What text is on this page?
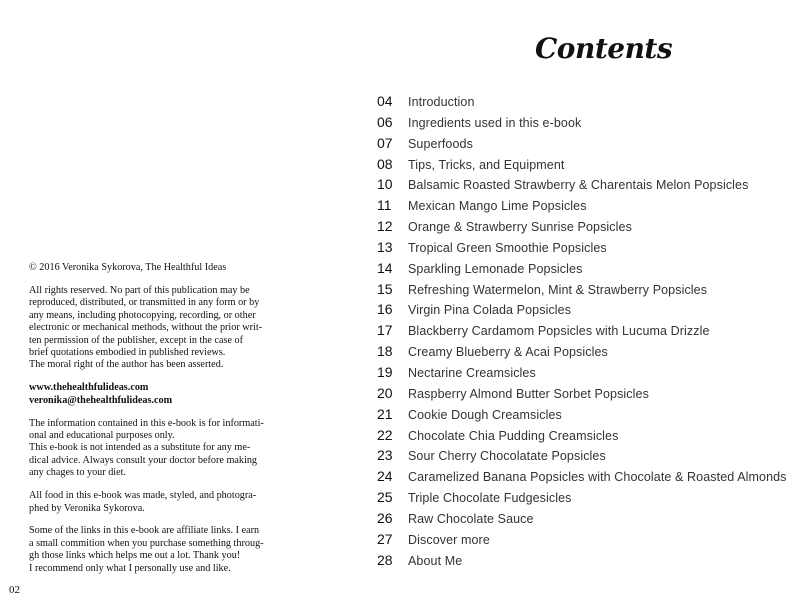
© 2016 Veronika Sykorova, The Healthful Ideas

All rights reserved. No part of this publication may be
reproduced, distributed, or transmitted in any form or by
any means, including photocopying, recording, or other
electronic or mechanical methods, without the prior writ-
ten permission of the publisher, except in the case of
brief quotations embodied in published reviews.
The moral right of the author has been asserted.

www.thehealthfulideas.com
veronika@thehealthfulideas.com

The information contained in this e-book is for informati-
onal and educational purposes only.
This e-book is not intended as a substitute for any me-
dical advice. Always consult your doctor before making
any chages to your diet.

All food in this e-book was made, styled, and photogra-
phed by Veronika Sykorova.

Some of the links in this e-book are affiliate links. I earn
a small commition when you purchase something throug-
gh those links which helps me out a lot. Thank you!
I recommend only what I personally use and like.

02
Contents
04	Introduction
06	Ingredients used in this e-book
07	Superfoods
08	Tips, Tricks, and Equipment
10	Balsamic Roasted Strawberry & Charentais Melon Popsicles
11	Mexican Mango Lime Popsicles
12	Orange & Strawberry Sunrise Popsicles
13	Tropical Green Smoothie Popsicles
14	Sparkling Lemonade Popsicles
15	Refreshing Watermelon, Mint & Strawberry Popsicles
16	Virgin Pina Colada Popsicles
17	Blackberry Cardamom Popsicles with Lucuma Drizzle
18	Creamy Blueberry & Acai Popsicles
19	Nectarine Creamsicles
20	Raspberry Almond Butter Sorbet Popsicles
21	Cookie Dough Creamsicles
22	Chocolate Chia Pudding Creamsicles
23	Sour Cherry Chocolatate Popsicles
24	Caramelized Banana Popsicles with Chocolate & Roasted Almonds
25	Triple Chocolate Fudgesicles
26	Raw Chocolate Sauce
27	Discover more
28	About Me
